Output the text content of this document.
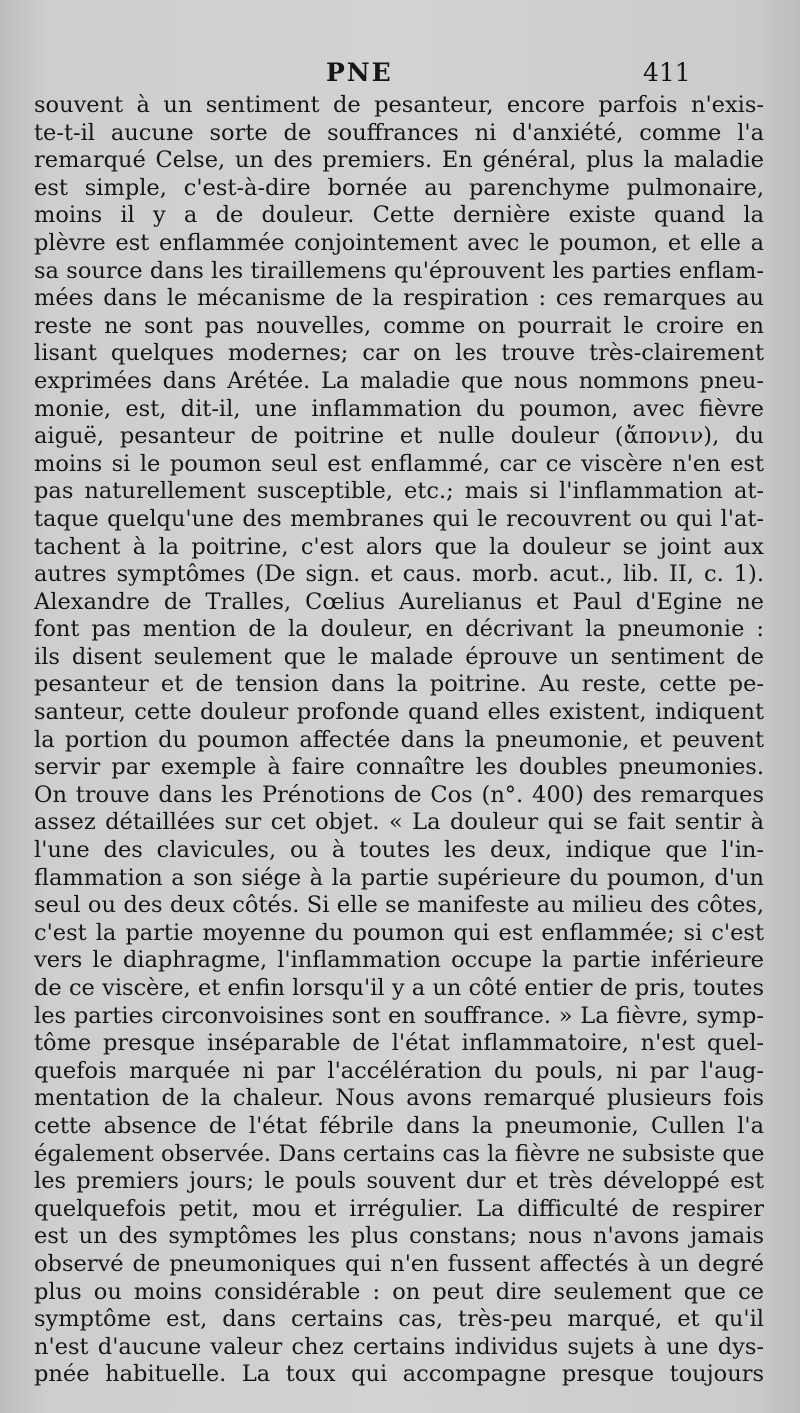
PNE	411
souvent à un sentiment de pesanteur, encore parfois n'exis-
te-t-il aucune sorte de souffrances ni d'anxiété, comme l'a
remarqué Celse, un des premiers. En général, plus la maladie
est simple, c'est-à-dire bornée au parenchyme pulmonaire,
moins il y a de douleur. Cette dernière existe quand la
plèvre est enflammée conjointement avec le poumon, et elle a
sa source dans les tiraillemens qu'éprouvent les parties enflam-
mées dans le mécanisme de la respiration : ces remarques au
reste ne sont pas nouvelles, comme on pourrait le croire en
lisant quelques modernes; car on les trouve très-clairement
exprimées dans Arétée. La maladie que nous nommons pneu-
monie, est, dit-il, une inflammation du poumon, avec fièvre
aiguë, pesanteur de poitrine et nulle douleur (ἄπονιν), du
moins si le poumon seul est enflammé, car ce viscère n'en est
pas naturellement susceptible, etc.; mais si l'inflammation at-
taque quelqu'une des membranes qui le recouvrent ou qui l'at-
tachent à la poitrine, c'est alors que la douleur se joint aux
autres symptômes (De sign. et caus. morb. acut., lib. II, c. 1).
Alexandre de Tralles, Cœlius Aurelianus et Paul d'Egine ne
font pas mention de la douleur, en décrivant la pneumonie :
ils disent seulement que le malade éprouve un sentiment de
pesanteur et de tension dans la poitrine. Au reste, cette pe-
santeur, cette douleur profonde quand elles existent, indiquent
la portion du poumon affectée dans la pneumonie, et peuvent
servir par exemple à faire connaître les doubles pneumonies.
On trouve dans les Prénotions de Cos (n°. 400) des remarques
assez détaillées sur cet objet. « La douleur qui se fait sentir à
l'une des clavicules, ou à toutes les deux, indique que l'in-
flammation a son siége à la partie supérieure du poumon, d'un
seul ou des deux côtés. Si elle se manifeste au milieu des côtes,
c'est la partie moyenne du poumon qui est enflammée; si c'est
vers le diaphragme, l'inflammation occupe la partie inférieure
de ce viscère, et enfin lorsqu'il y a un côté entier de pris, toutes
les parties circonvoisines sont en souffrance. » La fièvre, symp-
tôme presque inséparable de l'état inflammatoire, n'est quel-
quefois marquée ni par l'accélération du pouls, ni par l'aug-
mentation de la chaleur. Nous avons remarqué plusieurs fois
cette absence de l'état fébrile dans la pneumonie, Cullen l'a
également observée. Dans certains cas la fièvre ne subsiste que
les premiers jours; le pouls souvent dur et très développé est
quelquefois petit, mou et irrégulier. La difficulté de respirer
est un des symptômes les plus constans; nous n'avons jamais
observé de pneumoniques qui n'en fussent affectés à un degré
plus ou moins considérable : on peut dire seulement que ce
symptôme est, dans certains cas, très-peu marqué, et qu'il
n'est d'aucune valeur chez certains individus sujets à une dys-
pnée habituelle. La toux qui accompagne presque toujours
